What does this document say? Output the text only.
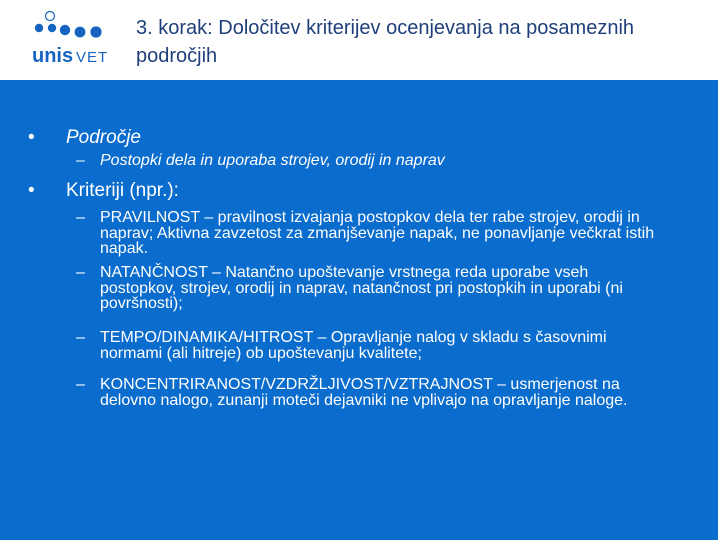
unis VET
3. korak: Določitev kriterijev ocenjevanja na posameznih področjih
• Področje
– Postopki dela in uporaba strojev, orodij in naprav
• Kriteriji (npr.):
– PRAVILNOST – pravilnost izvajanja postopkov dela ter rabe strojev, orodij in naprav; Aktivna zavzetost za zmanjševanje napak, ne ponavljanje večkrat istih napak.
– NATANČNOST – Natančno upoštevanje vrstnega reda uporabe vseh postopkov, strojev, orodij in naprav, natančnost pri postopkih in uporabi (ni površnosti);
– TEMPO/DINAMIKA/HITROST – Opravljanje nalog v skladu s časovnimi normami (ali hitreje) ob upoštevanju kvalitete;
– KONCENTRIRANOST/VZDRŽLJIVOST/VZTRAJNOST – usmerjenost na delovno nalogo, zunanji moteči dejavniki ne vplivajo na opravljanje naloge.
